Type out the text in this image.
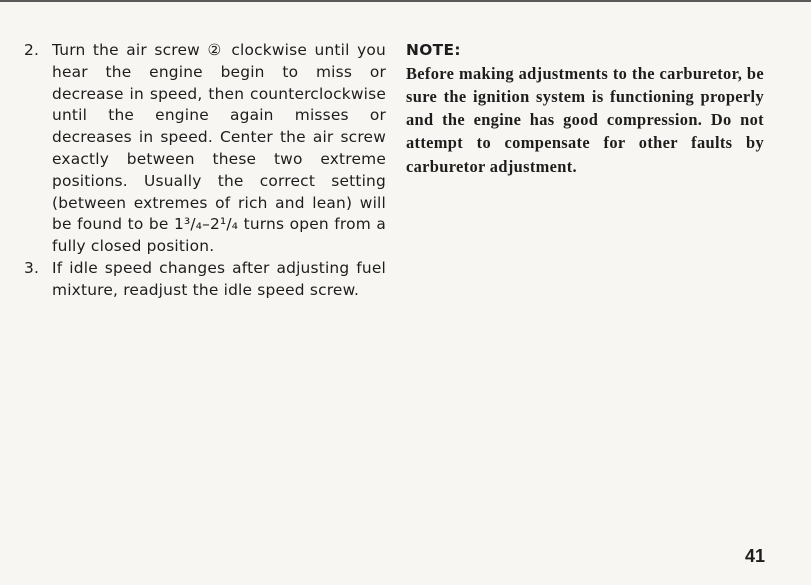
2. Turn the air screw ② clockwise until you hear the engine begin to miss or decrease in speed, then counterclockwise until the engine again misses or decreases in speed. Center the air screw exactly between these two extreme positions. Usually the correct setting (between extremes of rich and lean) will be found to be 1³/₄–2¹/₄ turns open from a fully closed position.
3. If idle speed changes after adjusting fuel mixture, readjust the idle speed screw.
NOTE:
Before making adjustments to the carburetor, be sure the ignition system is functioning properly and the engine has good compression. Do not attempt to compensate for other faults by carburetor adjustment.
41
